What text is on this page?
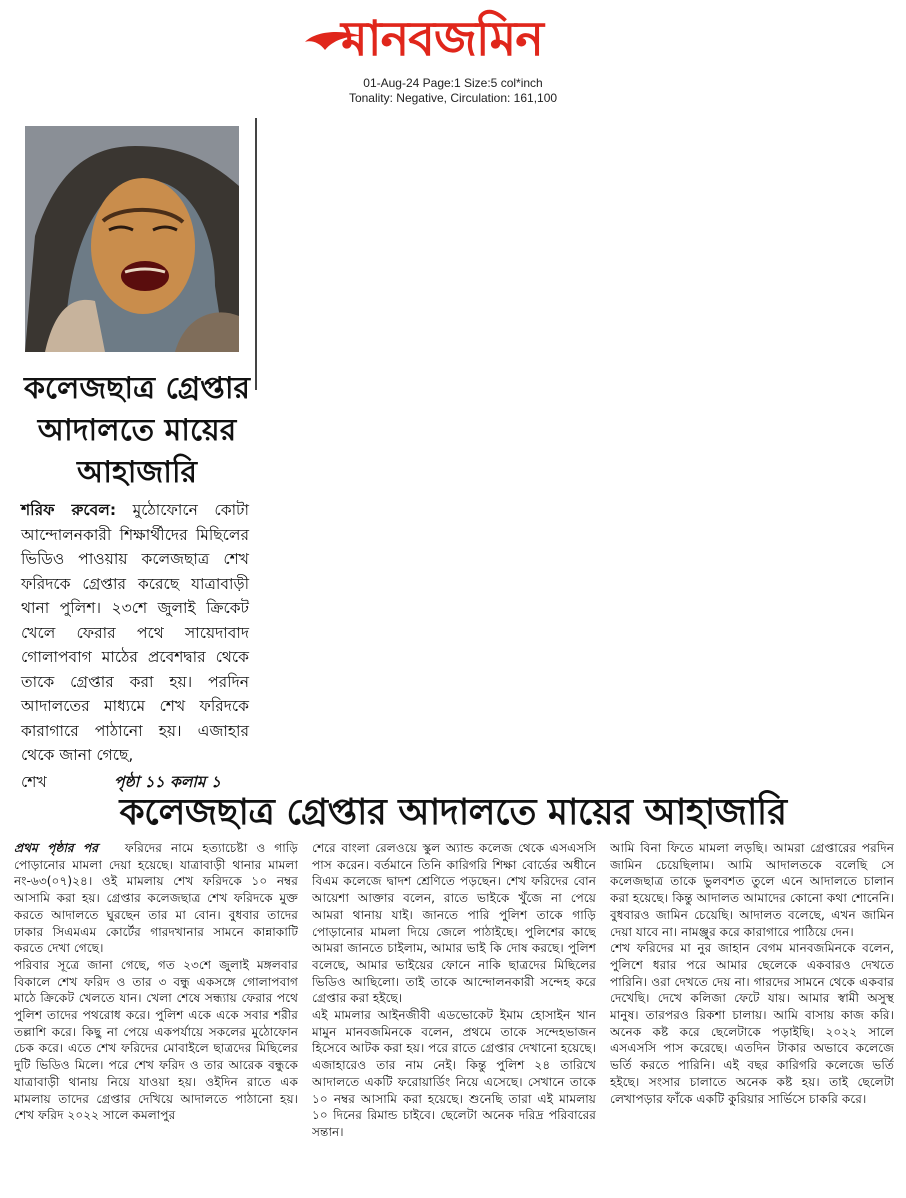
মানবজমিন

01-Aug-24 Page:1 Size:5 col*inch

Tonality: Negative, Circulation: 161,100

কলেজছাত্র গ্রেপ্তার আদালতে মায়ের আহাজারি
শরিফ রুবেল: মুঠোফোনে কোটা আন্দোলনকারী শিক্ষার্থীদের মিছিলের ভিডিও পাওয়ায় কলেজছাত্র শেখ ফরিদকে গ্রেপ্তার করেছে যাত্রাবাড়ী থানা পুলিশ। ২৩শে জুলাই ক্রিকেট খেলে ফেরার পথে সায়েদাবাদ গোলাপবাগ মাঠের প্রবেশদ্বার থেকে তাকে গ্রেপ্তার করা হয়। পরদিন আদালতের মাধ্যমে শেখ ফরিদকে কারাগারে পাঠানো হয়। এজাহার থেকে জানা গেছে,
শেখ	পৃষ্ঠা ১১ কলাম ১
কলেজছাত্র গ্রেপ্তার আদালতে মায়ের আহাজারি

প্রথম পৃষ্ঠার পর ফরিদের নামে হত্যাচেষ্টা ও গাড়ি পোড়ানোর মামলা দেয়া হয়েছে। যাত্রাবাড়ী থানার মামলা নং-৬৩(০৭)২৪। ওই মামলায় শেখ ফরিদকে ১০ নম্বর আসামি করা হয়। গ্রেপ্তার কলেজছাত্র শেখ ফরিদকে মুক্ত করতে আদালতে ঘুরছেন তার মা বোন। বুধবার তাদের ঢাকার সিএমএম কোর্টের গারদখানার সামনে কান্নাকাটি করতে দেখা গেছে।

পরিবার সূত্রে জানা গেছে, গত ২৩শে জুলাই মঙ্গলবার বিকালে শেখ ফরিদ ও তার ৩ বন্ধু একসঙ্গে গোলাপবাগ মাঠে ক্রিকেট খেলতে যান। খেলা শেষে সন্ধ্যায় ফেরার পথে পুলিশ তাদের পথরোধ করে। পুলিশ একে একে সবার শরীর তল্লাশি করে। কিছু না পেয়ে একপর্যায়ে সকলের মুঠোফোন চেক করে। এতে শেখ ফরিদের মোবাইলে ছাত্রদের মিছিলের দুটি ভিডিও মিলে। পরে শেখ ফরিদ ও তার আরেক বন্ধুকে যাত্রাবাড়ী থানায় নিয়ে যাওয়া হয়। ওইদিন রাতে এক মামলায় তাদের গ্রেপ্তার দেখিয়ে আদালতে পাঠানো হয়। শেখ ফরিদ ২০২২ সালে কমলাপুর

শেরে বাংলা রেলওয়ে স্কুল অ্যান্ড কলেজ থেকে এসএসসি পাস করেন। বর্তমানে তিনি কারিগরি শিক্ষা বোর্ডের অধীনে বিএম কলেজে দ্বাদশ শ্রেণিতে পড়ছেন। শেখ ফরিদের বোন আয়েশা আক্তার বলেন, রাতে ভাইকে খুঁজে না পেয়ে আমরা থানায় যাই। জানতে পারি পুলিশ তাকে গাড়ি পোড়ানোর মামলা দিয়ে জেলে পাঠাইছে। পুলিশের কাছে আমরা জানতে চাইলাম, আমার ভাই কি দোষ করছে। পুলিশ বলেছে, আমার ভাইয়ের ফোনে নাকি ছাত্রদের মিছিলের ভিডিও আছিলো। তাই তাকে আন্দোলনকারী সন্দেহ করে গ্রেপ্তার করা হইছে।

এই মামলার আইনজীবী এডভোকেট ইমাম হোসাইন খান মামুন মানবজমিনকে বলেন, প্রথমে তাকে সন্দেহভাজন হিসেবে আটক করা হয়। পরে রাতে গ্রেপ্তার দেখানো হয়েছে। এজাহারেও তার নাম নেই। কিন্তু পুলিশ ২৪ তারিখে আদালতে একটি ফরোয়ার্ডিং নিয়ে এসেছে। সেখানে তাকে ১০ নম্বর আসামি করা হয়েছে। শুনেছি তারা এই মামলায় ১০ দিনের রিমান্ড চাইবে। ছেলেটা অনেক দরিদ্র পরিবারের সন্তান।

আমি বিনা ফিতে মামলা লড়ছি। আমরা গ্রেপ্তারের পরদিন জামিন চেয়েছিলাম। আমি আদালতকে বলেছি সে কলেজছাত্র তাকে ভুলবশত তুলে এনে আদালতে চালান করা হয়েছে। কিন্তু আদালত আমাদের কোনো কথা শোনেনি। বুধবারও জামিন চেয়েছি। আদালত বলেছে, এখন জামিন দেয়া যাবে না। নামঞ্জুর করে কারাগারে পাঠিয়ে দেন।

শেখ ফরিদের মা নুর জাহান বেগম মানবজমিনকে বলেন, পুলিশে ধরার পরে আমার ছেলেকে একবারও দেখতে পারিনি। ওরা দেখতে দেয় না। গারদের সামনে থেকে একবার দেখেছি। দেখে কলিজা ফেটে যায়। আমার স্বামী অসুস্থ মানুষ। তারপরও রিকশা চালায়। আমি বাসায় কাজ করি। অনেক কষ্ট করে ছেলেটাকে পড়াইছি। ২০২২ সালে এসএসসি পাস করেছে। এতদিন টাকার অভাবে কলেজে ভর্তি করতে পারিনি। এই বছর কারিগরি কলেজে ভর্তি হইছে। সংসার চালাতে অনেক কষ্ট হয়। তাই ছেলেটা লেখাপড়ার ফাঁকে একটি কুরিয়ার সার্ভিসে চাকরি করে।
